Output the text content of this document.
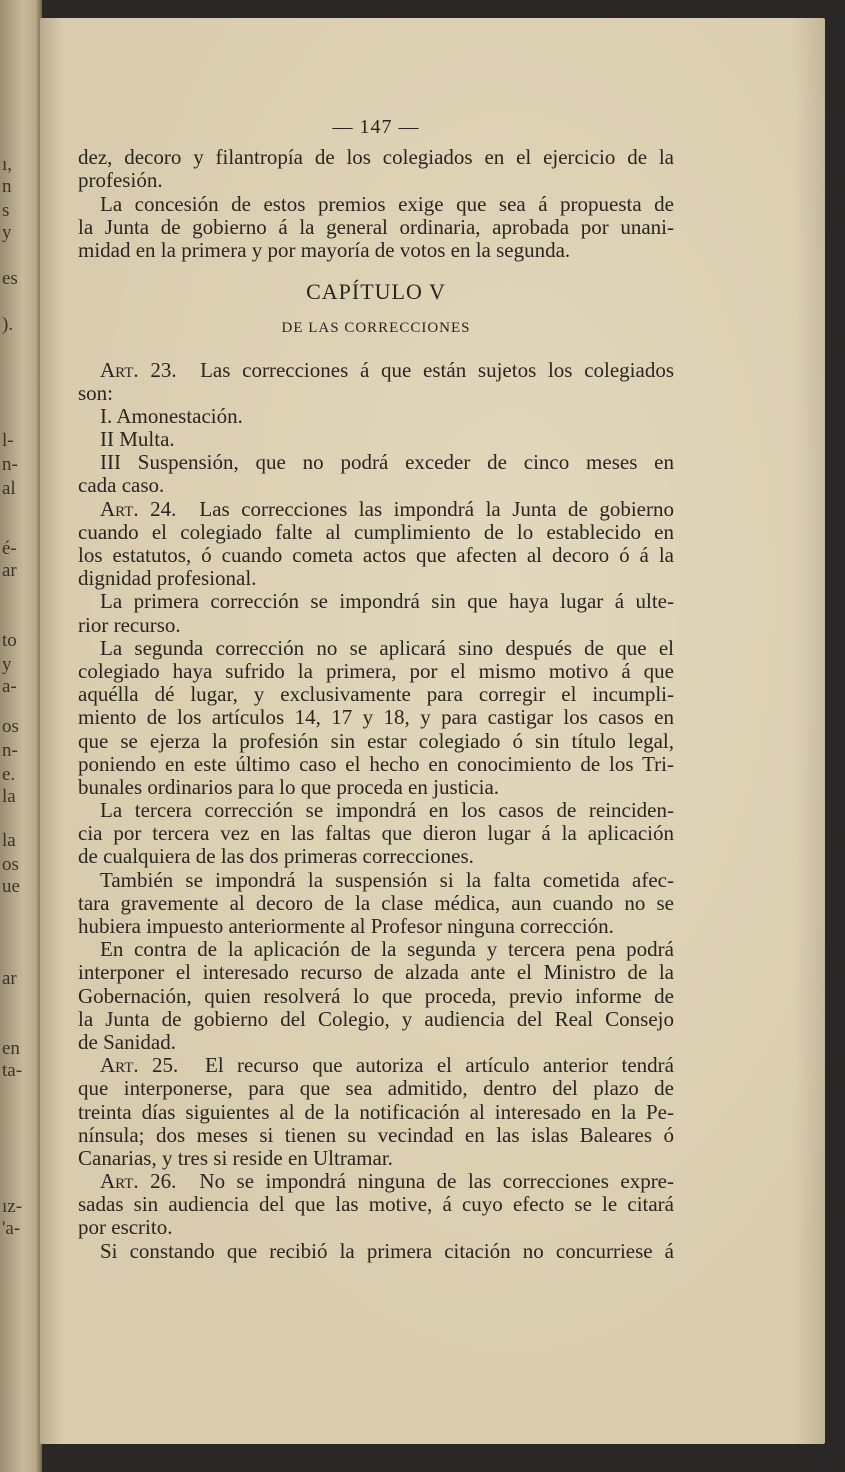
ı,
n
s
y
es
).
l-
n-
al
é-
ar
to
y
a-
os
n-
e.
la
la
os
ue
ar
en
ta-
ız-
'a-
— 147 —
dez, decoro y filantropía de los colegiados en el ejercicio de la
profesión.
La concesión de estos premios exige que sea á propuesta de
la Junta de gobierno á la general ordinaria, aprobada por unani-
midad en la primera y por mayoría de votos en la segunda.
CAPÍTULO V
DE LAS CORRECCIONES
Art. 23. Las correcciones á que están sujetos los colegiados
son:
I. Amonestación.
II Multa.
III Suspensión, que no podrá exceder de cinco meses en
cada caso.
Art. 24. Las correcciones las impondrá la Junta de gobierno
cuando el colegiado falte al cumplimiento de lo establecido en
los estatutos, ó cuando cometa actos que afecten al decoro ó á la
dignidad profesional.
La primera corrección se impondrá sin que haya lugar á ulte-
rior recurso.
La segunda corrección no se aplicará sino después de que el
colegiado haya sufrido la primera, por el mismo motivo á que
aquélla dé lugar, y exclusivamente para corregir el incumpli-
miento de los artículos 14, 17 y 18, y para castigar los casos en
que se ejerza la profesión sin estar colegiado ó sin título legal,
poniendo en este último caso el hecho en conocimiento de los Tri-
bunales ordinarios para lo que proceda en justicia.
La tercera corrección se impondrá en los casos de reinciden-
cia por tercera vez en las faltas que dieron lugar á la aplicación
de cualquiera de las dos primeras correcciones.
También se impondrá la suspensión si la falta cometida afec-
tara gravemente al decoro de la clase médica, aun cuando no se
hubiera impuesto anteriormente al Profesor ninguna corrección.
En contra de la aplicación de la segunda y tercera pena podrá
interponer el interesado recurso de alzada ante el Ministro de la
Gobernación, quien resolverá lo que proceda, previo informe de
la Junta de gobierno del Colegio, y audiencia del Real Consejo
de Sanidad.
Art. 25. El recurso que autoriza el artículo anterior tendrá
que interponerse, para que sea admitido, dentro del plazo de
treinta días siguientes al de la notificación al interesado en la Pe-
nínsula; dos meses si tienen su vecindad en las islas Baleares ó
Canarias, y tres si reside en Ultramar.
Art. 26. No se impondrá ninguna de las correcciones expre-
sadas sin audiencia del que las motive, á cuyo efecto se le citará
por escrito.
Si constando que recibió la primera citación no concurriese á
